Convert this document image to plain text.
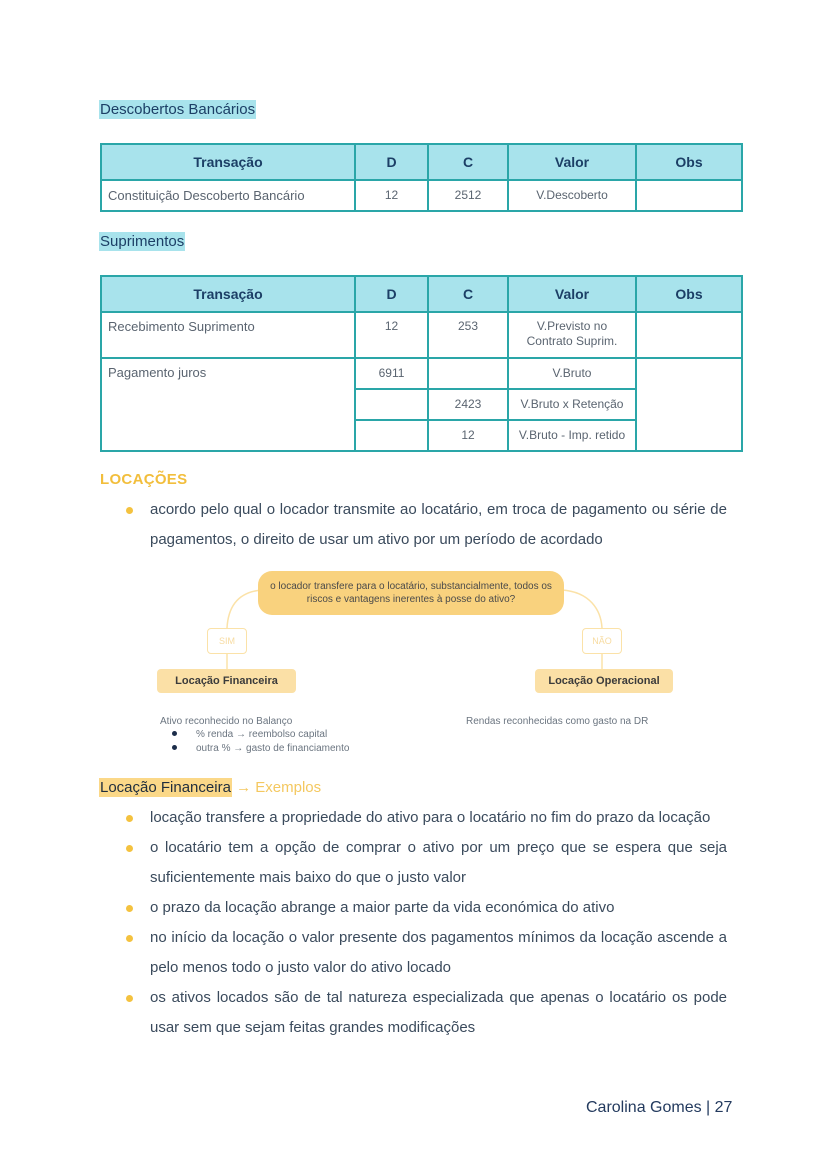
Descobertos Bancários
Transação	D	C	Valor	Obs
Constituição Descoberto Bancário	12	2512	V.Descoberto	
Suprimentos
Transação	D	C	Valor	Obs
Recebimento Suprimento	12	253	V.Previsto no Contrato Suprim.	
Pagamento juros	6911		V.Bruto	
		2423	V.Bruto x Retenção	
		12	V.Bruto - Imp. retido	
LOCAÇÕES
acordo pelo qual o locador transmite ao locatário, em troca de pagamento ou série de pagamentos, o direito de usar um ativo por um período de acordado
o locador transfere para o locatário, substancialmente, todos os riscos e vantagens inerentes à posse do ativo?
SIM	NÃO
Locação Financeira	Locação Operacional
Ativo reconhecido no Balanço
% renda → reembolso capital
outra % → gasto de financiamento
Rendas reconhecidas como gasto na DR
Locação Financeira → Exemplos
locação transfere a propriedade do ativo para o locatário no fim do prazo da locação
o locatário tem a opção de comprar o ativo por um preço que se espera que seja suficientemente mais baixo do que o justo valor
o prazo da locação abrange a maior parte da vida económica do ativo
no início da locação o valor presente dos pagamentos mínimos da locação ascende a pelo menos todo o justo valor do ativo locado
os ativos locados são de tal natureza especializada que apenas o locatário os pode usar sem que sejam feitas grandes modificações
Carolina Gomes | 27
